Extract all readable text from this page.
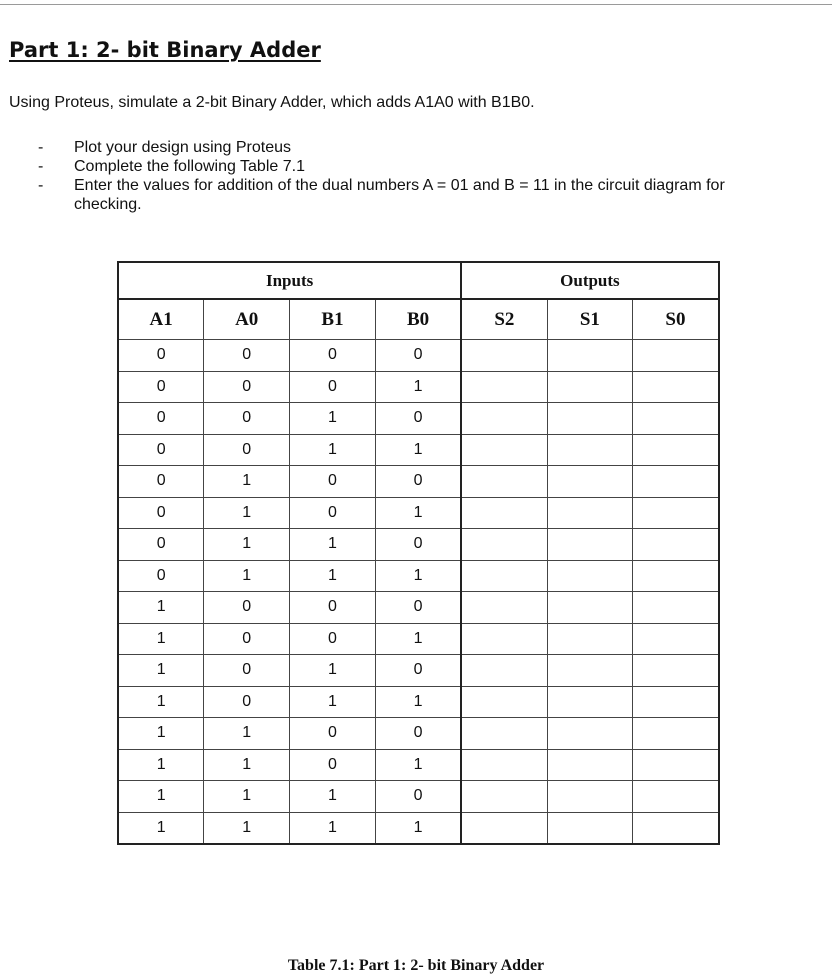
Part 1: 2- bit Binary Adder

Using Proteus, simulate a 2-bit Binary Adder, which adds A1A0 with B1B0.

- Plot your design using Proteus
- Complete the following Table 7.1
- Enter the values for addition of the dual numbers A = 01 and B = 11 in the circuit diagram for checking.
Inputs				Outputs		
A1	A0	B1	B0	S2	S1	S0
0	0	0	0			
0	0	0	1			
0	0	1	0			
0	0	1	1			
0	1	0	0			
0	1	0	1			
0	1	1	0			
0	1	1	1			
1	0	0	0			
1	0	0	1			
1	0	1	0			
1	0	1	1			
1	1	0	0			
1	1	0	1			
1	1	1	0			
1	1	1	1			

Table 7.1: Part 1: 2- bit Binary Adder
